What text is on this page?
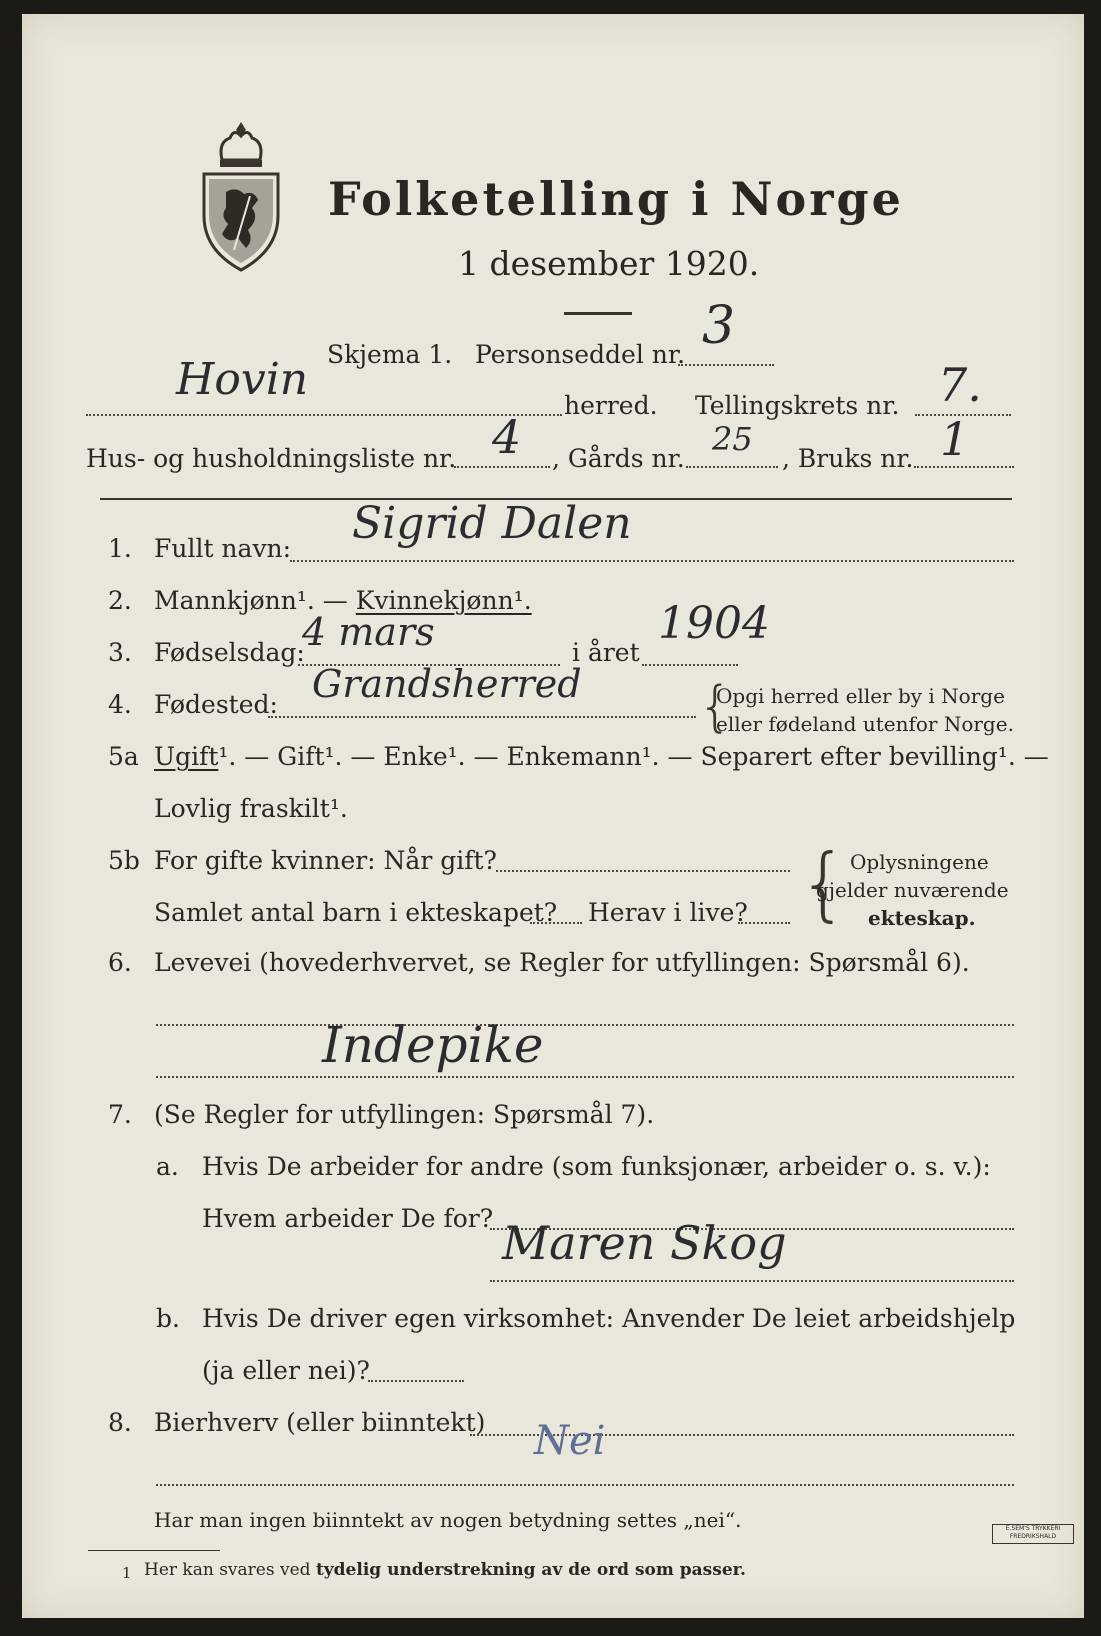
Folketelling i Norge
1 desember 1920.
Skjema 1. Personseddel nr. 3
Hovin
herred. Tellingskrets nr. 7.
Hus- og husholdningsliste nr. 4 , Gårds nr.
25
, Bruks nr. 1
1. Fullt navn: Sigrid Dalen
2. Mannkjønn¹. — Kvinnekjønn¹.
3. Fødselsdag:
4 mars	i året
1904
4. Fødested: Grandsherred {
Opgi herred eller by i Norge
eller fødeland utenfor Norge.
5a Ugift¹. — Gift¹. — Enke¹. — Enkemann¹. — Separert efter bevilling¹. —
Lovlig fraskilt¹.
5b For gifte kvinner: Når gift?
Samlet antal barn i ekteskapet? Herav i live? { Oplysningene
gjelder nuværende
ekteskap.
6. Levevei (hovederhvervet, se Regler for utfyllingen: Spørsmål 6).
Indepike
7. (Se Regler for utfyllingen: Spørsmål 7).
a. Hvis De arbeider for andre (som funksjonær, arbeider o. s. v.):
Hvem arbeider De for? Maren Skog
b. Hvis De driver egen virksomhet: Anvender De leiet arbeidshjelp
(ja eller nei)?
8. Bierhverv (eller biinntekt) Nei
Har man ingen biinntekt av nogen betydning settes „nei“.
1 Her kan svares ved tydelig understrekning av de ord som passer.
E.SEM'S TRYKKERI
FREDRIKSHALD
